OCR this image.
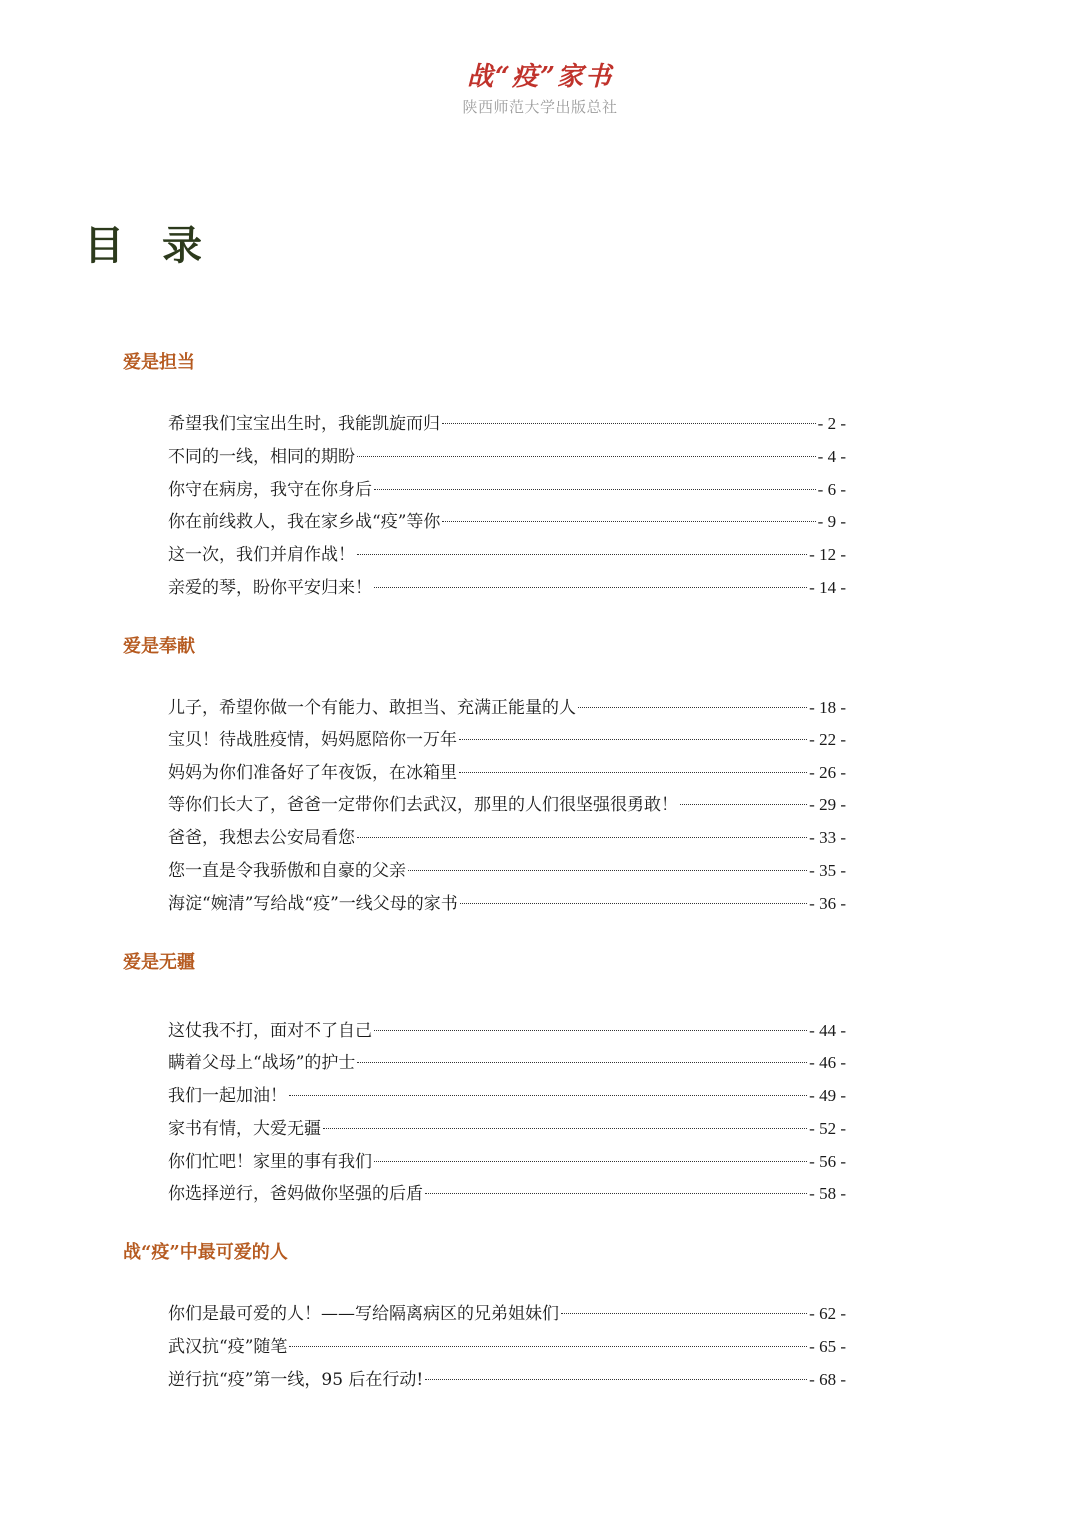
战“疫”家书
陕西师范大学出版总社
目录
爱是担当
希望我们宝宝出生时，我能凯旋而归	- 2 -
不同的一线，相同的期盼	- 4 -
你守在病房，我守在你身后	- 6 -
你在前线救人，我在家乡战“疫”等你	- 9 -
这一次，我们并肩作战！	- 12 -
亲爱的琴，盼你平安归来！	- 14 -
爱是奉献
儿子，希望你做一个有能力、敢担当、充满正能量的人	- 18 -
宝贝！待战胜疫情，妈妈愿陪你一万年	- 22 -
妈妈为你们准备好了年夜饭，在冰箱里	- 26 -
等你们长大了，爸爸一定带你们去武汉，那里的人们很坚强很勇敢！	- 29 -
爸爸，我想去公安局看您	- 33 -
您一直是令我骄傲和自豪的父亲	- 35 -
海淀“婉清”写给战“疫”一线父母的家书	- 36 -
爱是无疆
这仗我不打，面对不了自己	- 44 -
瞒着父母上“战场”的护士	- 46 -
我们一起加油！	- 49 -
家书有情，大爱无疆	- 52 -
你们忙吧！家里的事有我们	- 56 -
你选择逆行，爸妈做你坚强的后盾	- 58 -
战“疫”中最可爱的人
你们是最可爱的人！——写给隔离病区的兄弟姐妹们	- 62 -
武汉抗“疫”随笔	- 65 -
逆行抗“疫”第一线，95 后在行动!	- 68 -
